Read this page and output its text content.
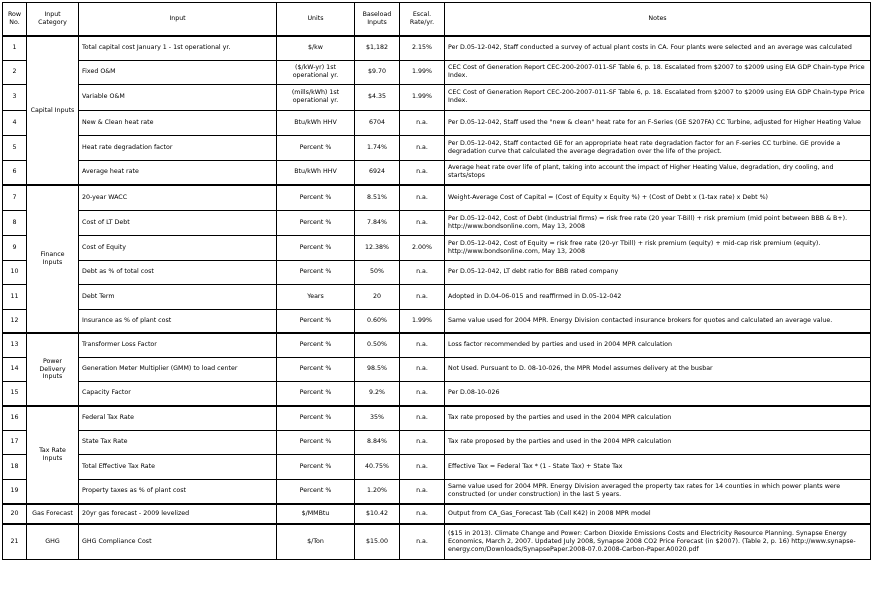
Row No.	Input Category	Input	Units	Baseload Inputs	Escal. Rate/yr.	Notes
1	Capital Inputs	Total capital cost January 1 - 1st operational yr.	$/kw	$1,182	2.15%	Per D.05-12-042, Staff conducted a survey of actual plant costs in CA. Four plants were selected and an average was calculated
2		Fixed O&M	($/kW-yr) 1st operational yr.	$9.70	1.99%	CEC Cost of Generation Report CEC-200-2007-011-SF Table 6, p. 18. Escalated from $2007 to $2009 using EIA GDP Chain-type Price Index.
3		Variable O&M	(mills/kWh) 1st operational yr.	$4.35	1.99%	CEC Cost of Generation Report CEC-200-2007-011-SF Table 6, p. 18. Escalated from $2007 to $2009 using EIA GDP Chain-type Price Index.
4		New & Clean heat rate	Btu/kWh HHV	6704	n.a.	Per D.05-12-042, Staff used the "new & clean" heat rate for an F-Series (GE S207FA) CC Turbine, adjusted for Higher Heating Value
5		Heat rate degradation factor	Percent %	1.74%	n.a.	Per D.05-12-042, Staff contacted GE for an appropriate heat rate degradation factor for an F-series CC turbine. GE provide a degradation curve that calculated the average degradation over the life of the project.
6		Average heat rate	Btu/kWh HHV	6924	n.a.	Average heat rate over life of plant, taking into account the impact of Higher Heating Value, degradation, dry cooling, and starts/stops
7	Finance Inputs	20-year WACC	Percent %	8.51%	n.a.	Weight-Average Cost of Capital = (Cost of Equity x Equity %) + (Cost of Debt x (1-tax rate) x Debt %)
8		Cost of LT Debt	Percent %	7.84%	n.a.	Per D.05-12-042, Cost of Debt (Industrial firms) = risk free rate (20 year T-Bill) + risk premium (mid point between BBB & B+). http://www.bondsonline.com, May 13, 2008
9		Cost of Equity	Percent %	12.38%	2.00%	Per D.05-12-042, Cost of Equity = risk free rate (20-yr Tbill) + risk premium (equity) + mid-cap risk premium (equity). http://www.bondsonline.com, May 13, 2008
10		Debt as % of total cost	Percent %	50%	n.a.	Per D.05-12-042, LT debt ratio for BBB rated company
11		Debt Term	Years	20	n.a.	Adopted in D.04-06-015 and reaffirmed in D.05-12-042
12		Insurance as % of plant cost	Percent %	0.60%	1.99%	Same value used for 2004 MPR. Energy Division contacted insurance brokers for quotes and calculated an average value.
13	Power Delivery Inputs	Transformer Loss Factor	Percent %	0.50%	n.a.	Loss factor recommended by parties and used in 2004 MPR calculation
14		Generation Meter Multiplier (GMM) to load center	Percent %	98.5%	n.a.	Not Used. Pursuant to D. 08-10-026, the MPR Model assumes delivery at the busbar
15		Capacity Factor	Percent %	9.2%	n.a.	Per D.08-10-026
16	Tax Rate Inputs	Federal Tax Rate	Percent %	35%	n.a.	Tax rate proposed by the parties and used in the 2004 MPR calculation
17		State Tax Rate	Percent %	8.84%	n.a.	Tax rate proposed by the parties and used in the 2004 MPR calculation
18		Total Effective Tax Rate	Percent %	40.75%	n.a.	Effective Tax = Federal Tax * (1 - State Tax) + State Tax
19		Property taxes as % of plant cost	Percent %	1.20%	n.a.	Same value used for 2004 MPR. Energy Division averaged the property tax rates for 14 counties in which power plants were constructed (or under construction) in the last 5 years.
20	Gas Forecast	20yr gas forecast - 2009 levelized	$/MMBtu	$10.42	n.a.	Output from CA_Gas_Forecast Tab (Cell K42) in 2008 MPR model
21	GHG	GHG Compliance Cost	$/Ton	$15.00	n.a.	($15 in 2013). Climate Change and Power: Carbon Dioxide Emissions Costs and Electricity Resource Planning. Synapse Energy Economics, March 2, 2007. Updated July 2008, Synapse 2008 CO2 Price Forecast (in $2007). (Table 2, p. 16) http://www.synapse-energy.com/Downloads/SynapsePaper.2008-07.0.2008-Carbon-Paper.A0020.pdf
